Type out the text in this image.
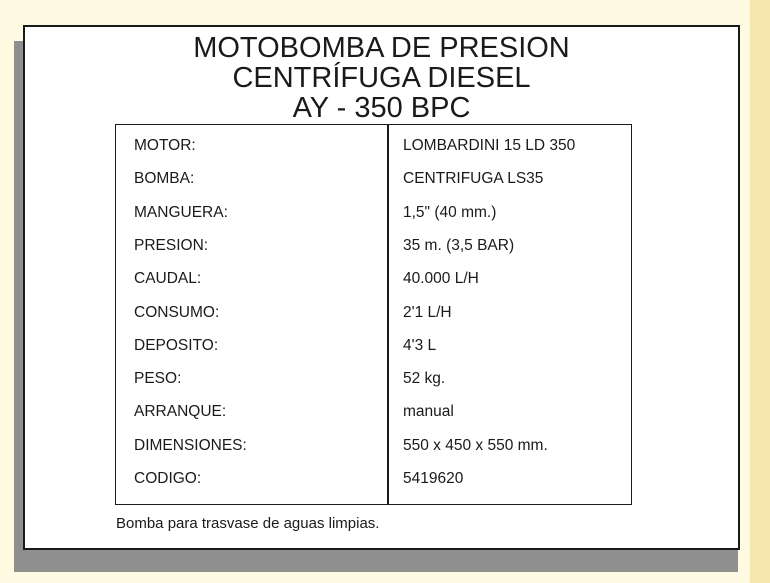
MOTOBOMBA DE PRESION
CENTRÍFUGA DIESEL
AY - 350 BPC
MOTOR:	LOMBARDINI 15 LD 350
BOMBA:	CENTRIFUGA LS35
MANGUERA:	1,5" (40 mm.)
PRESION:	35 m. (3,5 BAR)
CAUDAL:	40.000 L/H
CONSUMO:	2'1 L/H
DEPOSITO:	4'3 L
PESO:	52 kg.
ARRANQUE:	manual
DIMENSIONES:	550 x 450 x 550 mm.
CODIGO:	5419620
Bomba para trasvase de aguas limpias.
